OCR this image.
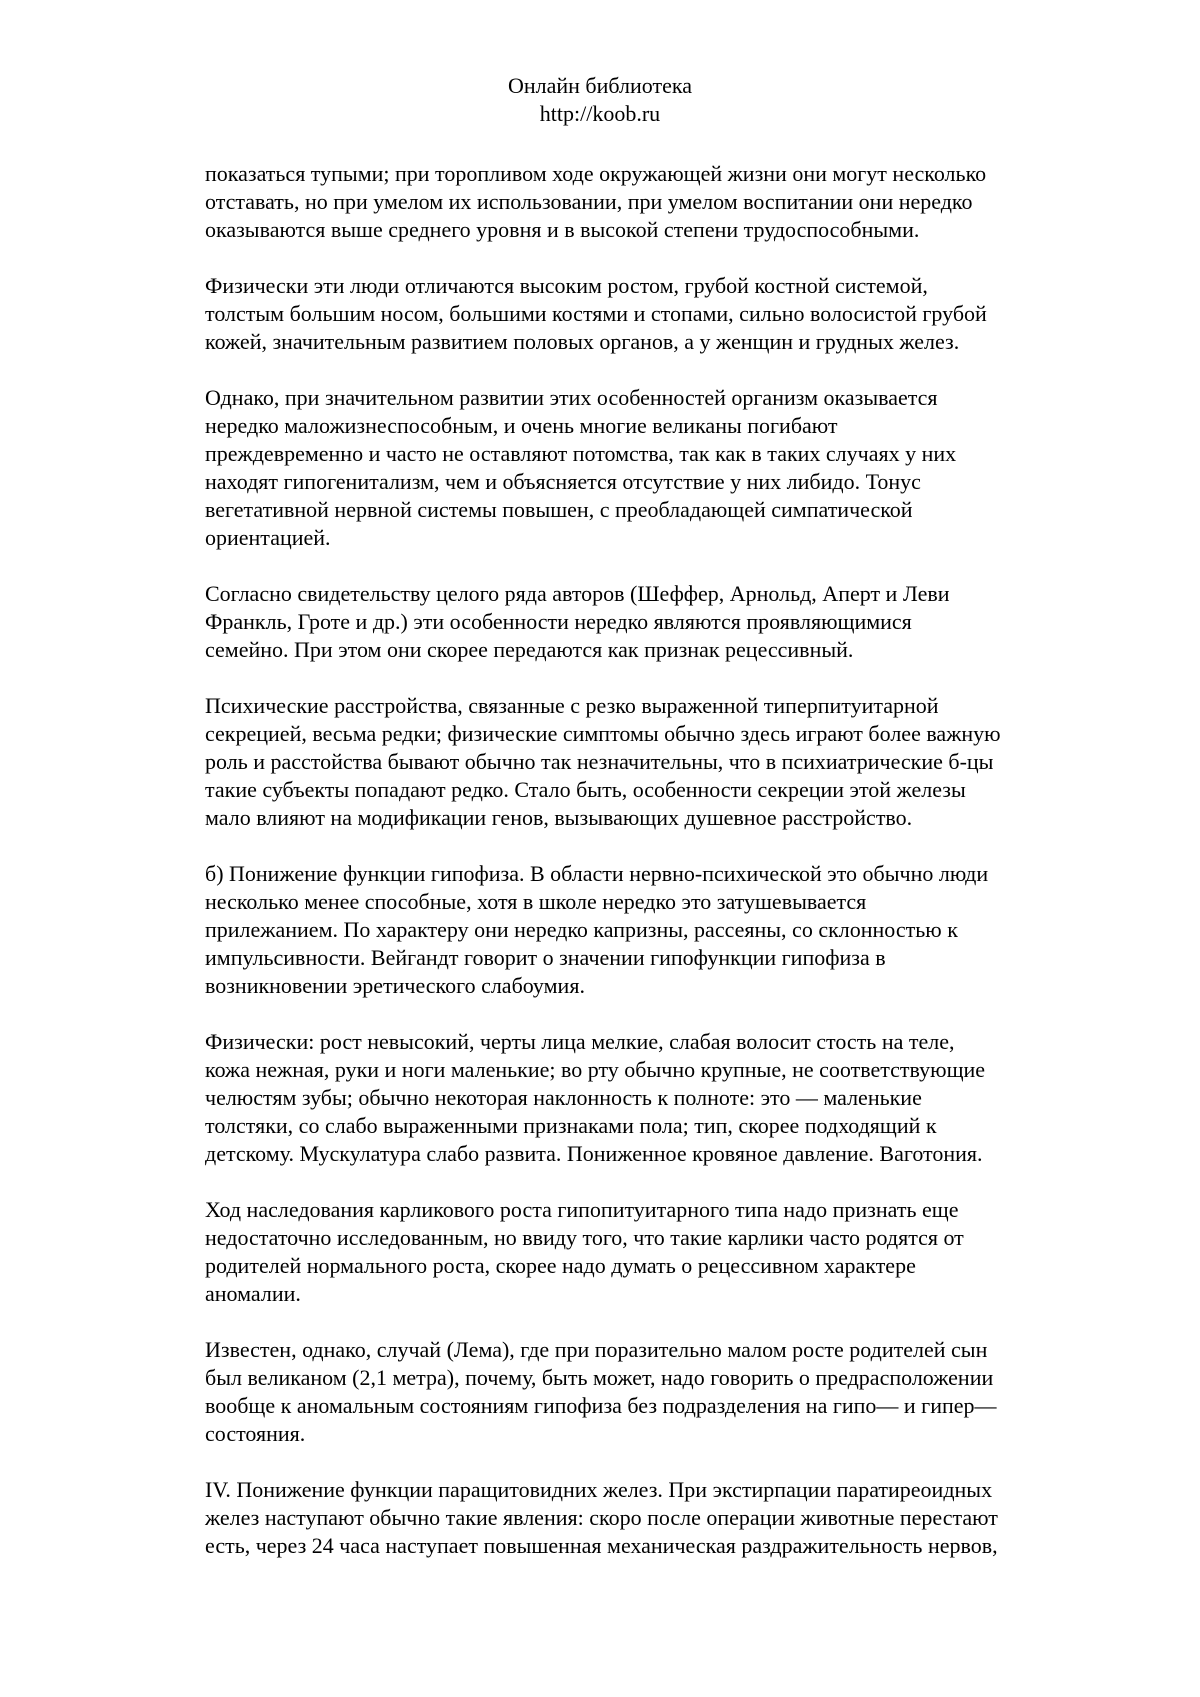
Онлайн библиотека
http://koob.ru
показаться тупыми; при торопливом ходе окружающей жизни они могут несколько
отставать, но при умелом их использовании, при умелом воспитании они нередко
оказываются выше среднего уровня и в высокой степени трудоспособными.
Физически эти люди отличаются высоким ростом, грубой костной системой,
толстым большим носом, большими костями и стопами, сильно волосистой грубой
кожей, значительным развитием половых органов, а у женщин и грудных желез.
Однако, при значительном развитии этих особенностей организм оказывается
нередко маложизнеспособным, и очень многие великаны погибают
преждевременно и часто не оставляют потомства, так как в таких случаях у них
находят гипогенитализм, чем и объясняется отсутствие у них либидо. Тонус
вегетативной нервной системы повышен, с преобладающей симпатической
ориентацией.
Согласно свидетельству целого ряда авторов (Шеффер, Арнольд, Аперт и Леви
Франкль, Гроте и др.) эти особенности нередко являются проявляющимися
семейно. При этом они скорее передаются как признак рецессивный.
Психические расстройства, связанные с резко выраженной типерпитуитарной
секрецией, весьма редки; физические симптомы обычно здесь играют более важную
роль и расстойства бывают обычно так незначительны, что в психиатрические б-цы
такие субъекты попадают редко. Стало быть, особенности секреции этой железы
мало влияют на модификации генов, вызывающих душевное расстройство.
б) Понижение функции гипофиза. В области нервно-психической это обычно люди
несколько менее способные, хотя в школе нередко это затушевывается
прилежанием. По характеру они нередко капризны, рассеяны, со склонностью к
импульсивности. Вейгандт говорит о значении гипофункции гипофиза в
возникновении эретического слабоумия.
Физически: рост невысокий, черты лица мелкие, слабая волосит стость на теле,
кожа нежная, руки и ноги маленькие; во рту обычно крупные, не соответствующие
челюстям зубы; обычно некоторая наклонность к полноте: это — маленькие
толстяки, со слабо выраженными признаками пола; тип, скорее подходящий к
детскому. Мускулатура слабо развита. Пониженное кровяное давление. Ваготония.
Ход наследования карликового роста гипопитуитарного типа надо признать еще
недостаточно исследованным, но ввиду того, что такие карлики часто родятся от
родителей нормального роста, скорее надо думать о рецессивном характере
аномалии.
Известен, однако, случай (Лема), где при поразительно малом росте родителей сын
был великаном (2,1 метра), почему, быть может, надо говорить о предрасположении
вообще к аномальным состояниям гипофиза без подразделения на гипо— и гипер—
состояния.
IV. Понижение функции паращитовидних желез. При экстирпации паратиреоидных
желез наступают обычно такие явления: скоро после операции животные перестают
есть, через 24 часа наступает повышенная механическая раздражительность нервов,
